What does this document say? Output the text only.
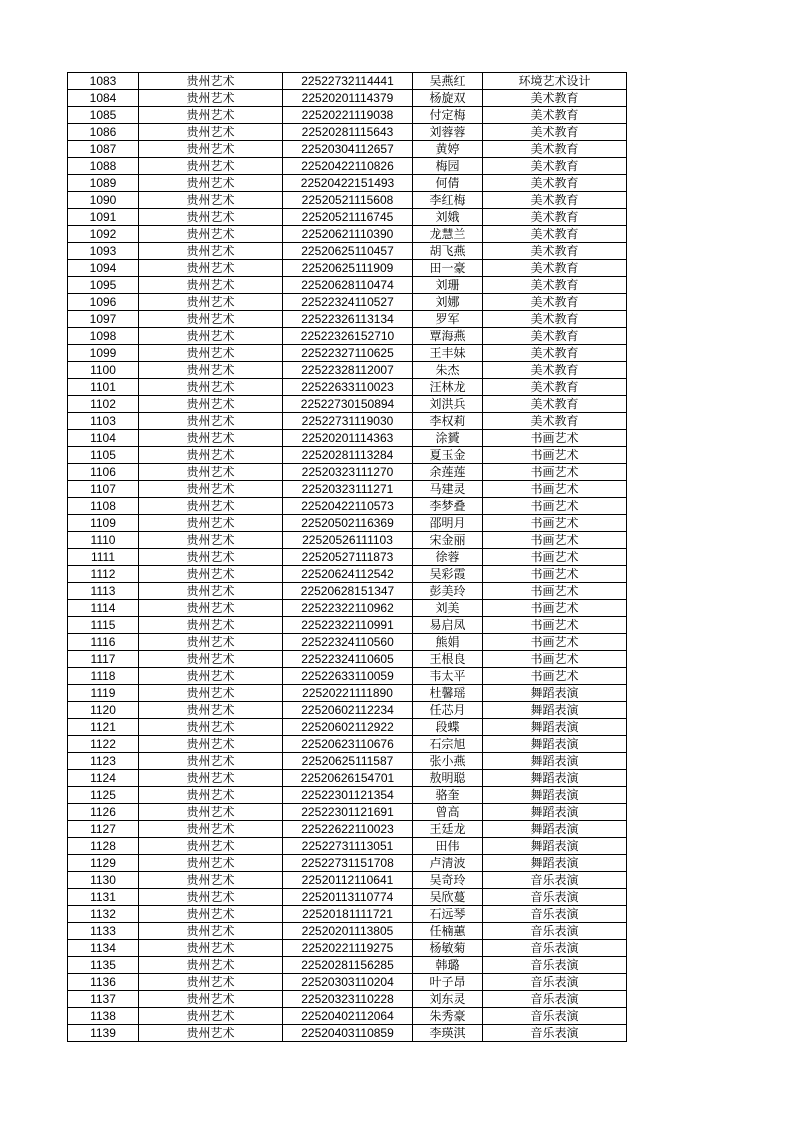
1083	贵州艺术	22522732114441	吴燕红	环境艺术设计
1084	贵州艺术	22520201114379	杨旋双	美术教育
1085	贵州艺术	22520221119038	付定梅	美术教育
1086	贵州艺术	22520281115643	刘蓉蓉	美术教育
1087	贵州艺术	22520304112657	黄婷	美术教育
1088	贵州艺术	22520422110826	梅园	美术教育
1089	贵州艺术	22520422151493	何倩	美术教育
1090	贵州艺术	22520521115608	李红梅	美术教育
1091	贵州艺术	22520521116745	刘娥	美术教育
1092	贵州艺术	22520621110390	龙慧兰	美术教育
1093	贵州艺术	22520625110457	胡飞燕	美术教育
1094	贵州艺术	22520625111909	田一豪	美术教育
1095	贵州艺术	22520628110474	刘珊	美术教育
1096	贵州艺术	22522324110527	刘娜	美术教育
1097	贵州艺术	22522326113134	罗军	美术教育
1098	贵州艺术	22522326152710	覃海燕	美术教育
1099	贵州艺术	22522327110625	王丰妹	美术教育
1100	贵州艺术	22522328112007	朱杰	美术教育
1101	贵州艺术	22522633110023	汪林龙	美术教育
1102	贵州艺术	22522730150894	刘洪兵	美术教育
1103	贵州艺术	22522731119030	李权莉	美术教育
1104	贵州艺术	22520201114363	涂贇	书画艺术
1105	贵州艺术	22520281113284	夏玉金	书画艺术
1106	贵州艺术	22520323111270	余莲莲	书画艺术
1107	贵州艺术	22520323111271	马建灵	书画艺术
1108	贵州艺术	22520422110573	李梦叠	书画艺术
1109	贵州艺术	22520502116369	邵明月	书画艺术
1110	贵州艺术	22520526111103	宋金丽	书画艺术
1111	贵州艺术	22520527111873	徐蓉	书画艺术
1112	贵州艺术	22520624112542	吴彩霞	书画艺术
1113	贵州艺术	22520628151347	彭美玲	书画艺术
1114	贵州艺术	22522322110962	刘美	书画艺术
1115	贵州艺术	22522322110991	易启凤	书画艺术
1116	贵州艺术	22522324110560	熊娟	书画艺术
1117	贵州艺术	22522324110605	王根良	书画艺术
1118	贵州艺术	22522633110059	韦太平	书画艺术
1119	贵州艺术	22520221111890	杜馨瑶	舞蹈表演
1120	贵州艺术	22520602112234	任芯月	舞蹈表演
1121	贵州艺术	22520602112922	段蝶	舞蹈表演
1122	贵州艺术	22520623110676	石宗旭	舞蹈表演
1123	贵州艺术	22520625111587	张小燕	舞蹈表演
1124	贵州艺术	22520626154701	敖明聪	舞蹈表演
1125	贵州艺术	22522301121354	骆奎	舞蹈表演
1126	贵州艺术	22522301121691	曾高	舞蹈表演
1127	贵州艺术	22522622110023	王廷龙	舞蹈表演
1128	贵州艺术	22522731113051	田伟	舞蹈表演
1129	贵州艺术	22522731151708	卢清波	舞蹈表演
1130	贵州艺术	22520112110641	吴奇玲	音乐表演
1131	贵州艺术	22520113110774	吴欣蔓	音乐表演
1132	贵州艺术	22520181111721	石远琴	音乐表演
1133	贵州艺术	22520201113805	任楠蕙	音乐表演
1134	贵州艺术	22520221119275	杨敏菊	音乐表演
1135	贵州艺术	22520281156285	韩璐	音乐表演
1136	贵州艺术	22520303110204	叶子昂	音乐表演
1137	贵州艺术	22520323110228	刘东灵	音乐表演
1138	贵州艺术	22520402112064	朱秀豪	音乐表演
1139	贵州艺术	22520403110859	李瑛淇	音乐表演
